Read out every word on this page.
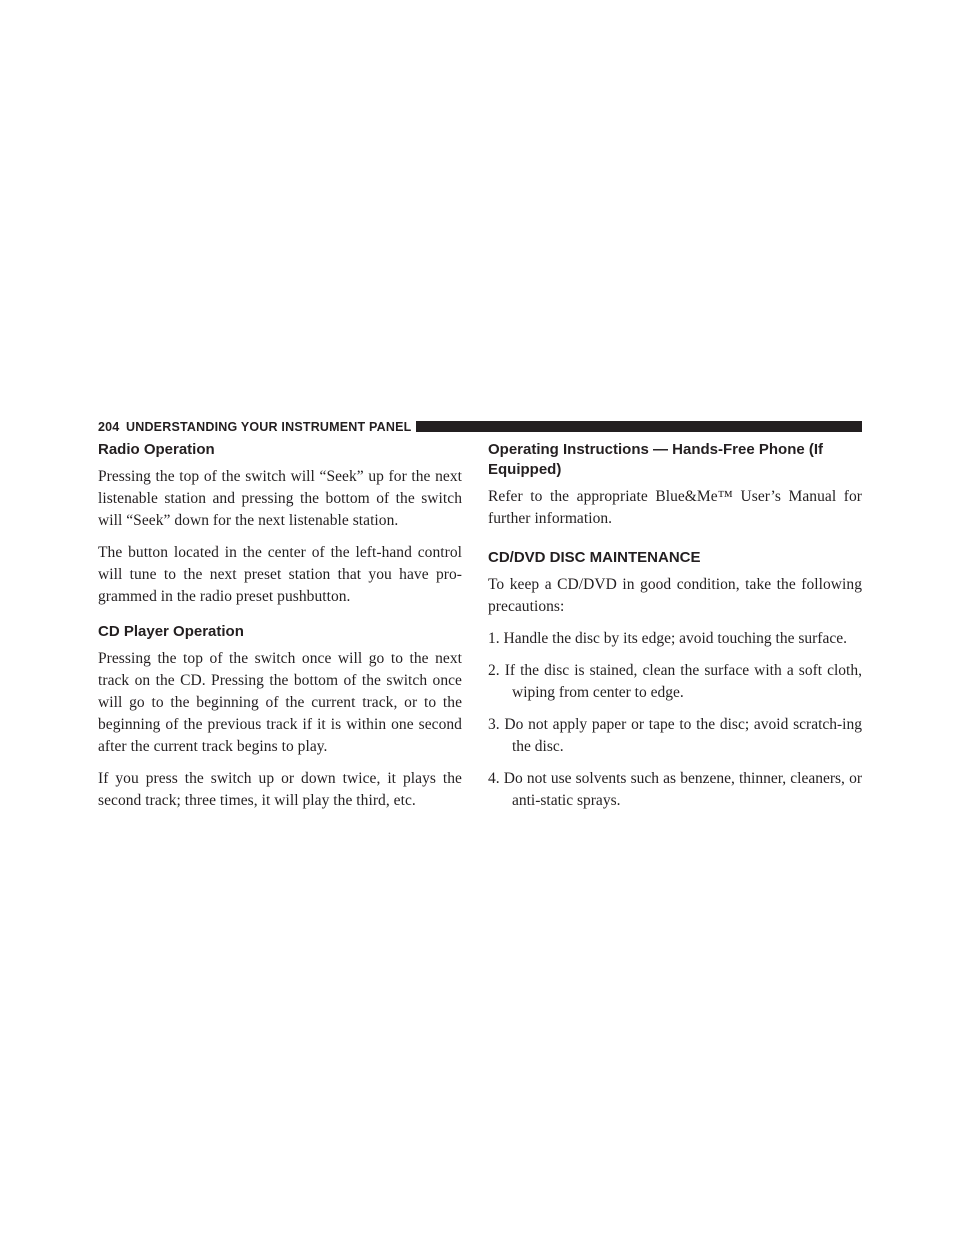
204 UNDERSTANDING YOUR INSTRUMENT PANEL
Radio Operation

Pressing the top of the switch will “Seek” up for the next listenable station and pressing the bottom of the switch will “Seek” down for the next listenable station.

The button located in the center of the left-hand control will tune to the next preset station that you have pro-grammed in the radio preset pushbutton.

CD Player Operation

Pressing the top of the switch once will go to the next track on the CD. Pressing the bottom of the switch once will go to the beginning of the current track, or to the beginning of the previous track if it is within one second after the current track begins to play.

If you press the switch up or down twice, it plays the second track; three times, it will play the third, etc.

Operating Instructions — Hands-Free Phone (If Equipped)

Refer to the appropriate Blue&Me™ User’s Manual for further information.

CD/DVD DISC MAINTENANCE

To keep a CD/DVD in good condition, take the following precautions:

1. Handle the disc by its edge; avoid touching the surface.
2. If the disc is stained, clean the surface with a soft cloth, wiping from center to edge.
3. Do not apply paper or tape to the disc; avoid scratch-ing the disc.
4. Do not use solvents such as benzene, thinner, cleaners, or anti-static sprays.
